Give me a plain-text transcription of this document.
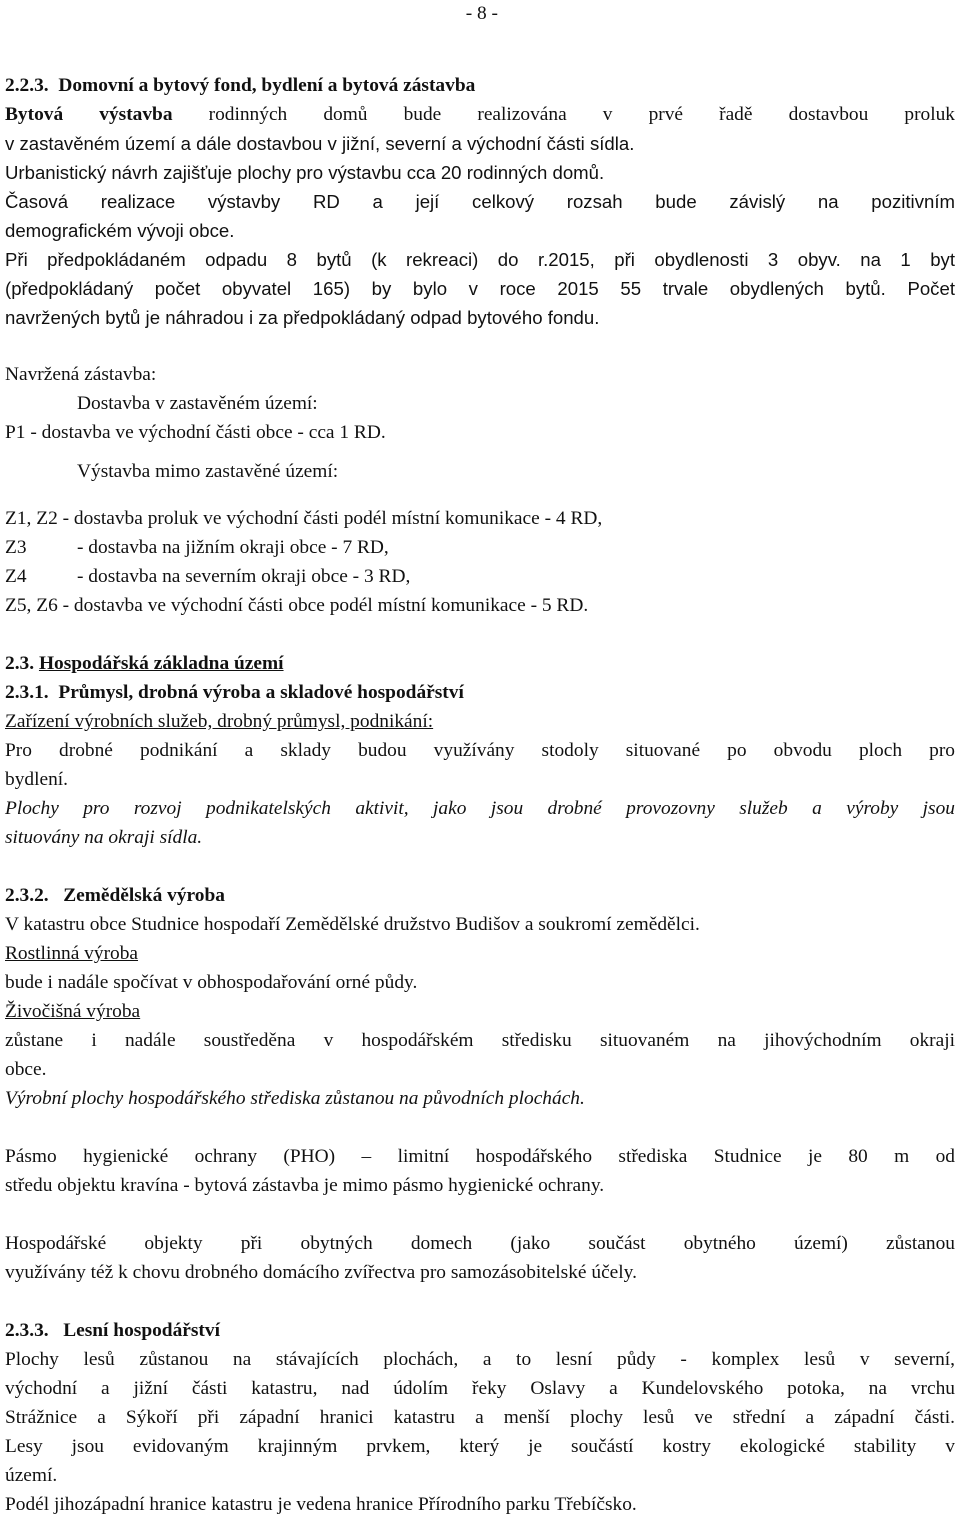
- 8 -
2.2.3. Domovní a bytový fond, bydlení a bytová zástavba
Bytová výstavba rodinných domů bude realizována v prvé řadě dostavbou proluk
v zastavěném území a dále dostavbou v jižní, severní a východní části sídla.
Urbanistický návrh zajišťuje plochy pro výstavbu cca 20 rodinných domů.
Časová realizace výstavby RD a její celkový rozsah bude závislý na pozitivním
demografickém vývoji obce.
Při předpokládaném odpadu 8 bytů (k rekreaci) do r.2015, při obydlenosti 3 obyv. na 1 byt
(předpokládaný počet obyvatel 165) by bylo v roce 2015 55 trvale obydlených bytů. Počet
navržených bytů je náhradou i za předpokládaný odpad bytového fondu.
Navržená zástavba:
Dostavba v zastavěném území:
P1 - dostavba ve východní části obce - cca 1 RD.
Výstavba mimo zastavěné území:
Z1, Z2 - dostavba proluk ve východní části podél místní komunikace - 4 RD,
Z3	- dostavba na jižním okraji obce - 7 RD,
Z4	- dostavba na severním okraji obce - 3 RD,
Z5, Z6 - dostavba ve východní části obce podél místní komunikace - 5 RD.
2.3. Hospodářská základna území
2.3.1. Průmysl, drobná výroba a skladové hospodářství
Zařízení výrobních služeb, drobný průmysl, podnikání:
Pro drobné podnikání a sklady budou využívány stodoly situované po obvodu ploch pro
bydlení.
Plochy pro rozvoj podnikatelských aktivit, jako jsou drobné provozovny služeb a výroby jsou
situovány na okraji sídla.
2.3.2. Zemědělská výroba
V katastru obce Studnice hospodaří Zemědělské družstvo Budišov a soukromí zemědělci.
Rostlinná výroba
bude i nadále spočívat v obhospodařování orné půdy.
Živočišná výroba
zůstane i nadále soustředěna v hospodářském středisku situovaném na jihovýchodním okraji
obce.
Výrobní plochy hospodářského střediska zůstanou na původních plochách.
Pásmo hygienické ochrany (PHO) – limitní hospodářského střediska Studnice je 80 m od
středu objektu kravína - bytová zástavba je mimo pásmo hygienické ochrany.
Hospodářské objekty při obytných domech (jako součást obytného území) zůstanou
využívány též k chovu drobného domácího zvířectva pro samozásobitelské účely.
2.3.3. Lesní hospodářství
Plochy lesů zůstanou na stávajících plochách, a to lesní půdy - komplex lesů v severní,
východní a jižní části katastru, nad údolím řeky Oslavy a Kundelovského potoka, na vrchu
Strážnice a Sýkoří při západní hranici katastru a menší plochy lesů ve střední a západní části.
Lesy jsou evidovaným krajinným prvkem, který je součástí kostry ekologické stability v
území.
Podél jihozápadní hranice katastru je vedena hranice Přírodního parku Třebíčsko.
